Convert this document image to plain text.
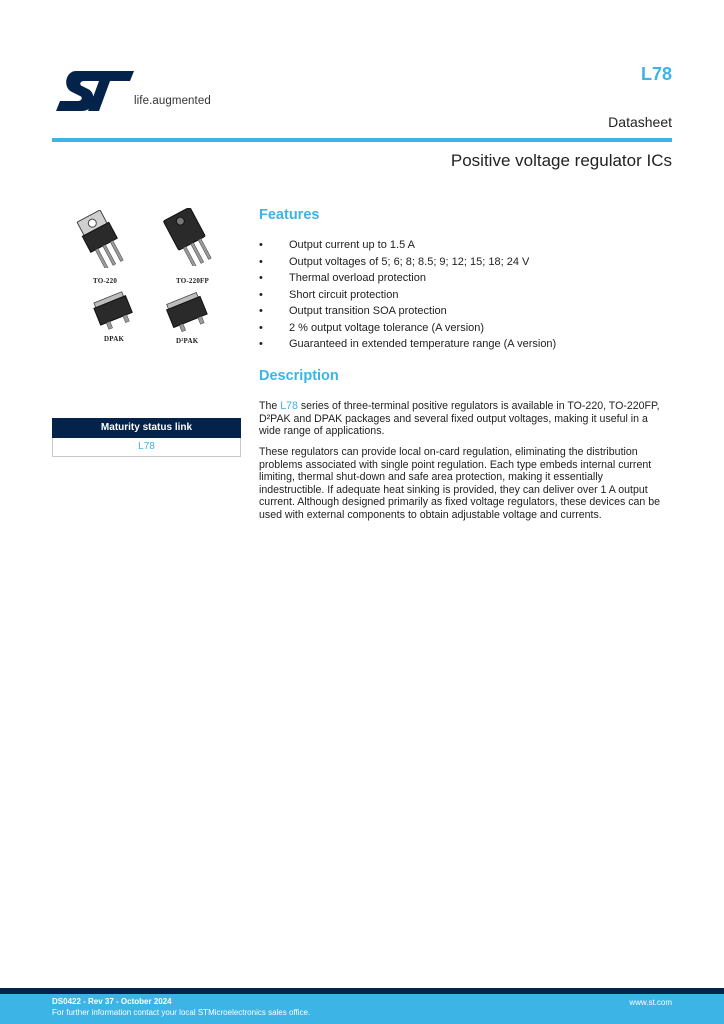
life.augmented
L78
Datasheet
Positive voltage regulator ICs
TO-220	TO-220FP
DPAK	D²PAK
Maturity status link
L78
Features
• Output current up to 1.5 A
• Output voltages of 5; 6; 8; 8.5; 9; 12; 15; 18; 24 V
• Thermal overload protection
• Short circuit protection
• Output transition SOA protection
• 2 % output voltage tolerance (A version)
• Guaranteed in extended temperature range (A version)
Description
The L78 series of three-terminal positive regulators is available in TO-220, TO-220FP, D²PAK and DPAK packages and several fixed output voltages, making it useful in a wide range of applications.
These regulators can provide local on-card regulation, eliminating the distribution problems associated with single point regulation. Each type embeds internal current limiting, thermal shut-down and safe area protection, making it essentially indestructible. If adequate heat sinking is provided, they can deliver over 1 A output current. Although designed primarily as fixed voltage regulators, these devices can be used with external components to obtain adjustable voltage and currents.
DS0422 - Rev 37 - October 2024
For further information contact your local STMicroelectronics sales office.
www.st.com
